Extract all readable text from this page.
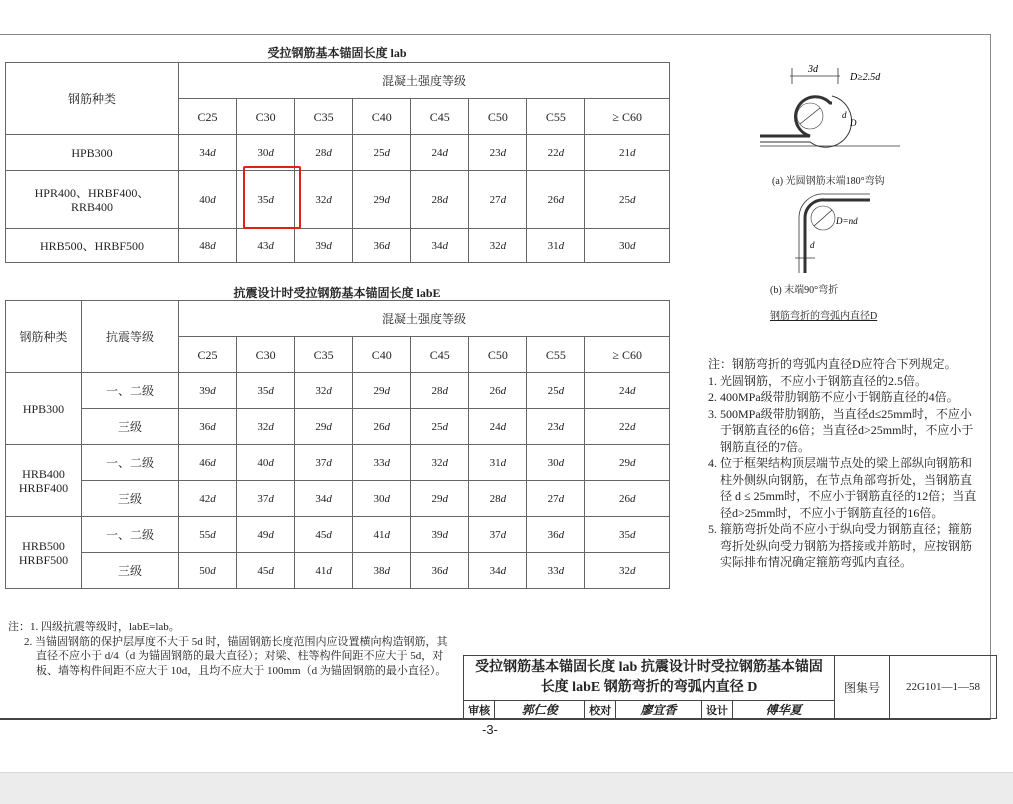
受拉钢筋基本锚固长度 lab
钢筋种类	混凝土强度等级							
	C25	C30	C35	C40	C45	C50	C55	≥ C60
HPB300	34d	30d	28d	25d	24d	23d	22d	21d
HPR400、HRBF400、
RRB400	40d	35d	32d	29d	28d	27d	26d	25d
HRB500、HRBF500	48d	43d	39d	36d	34d	32d	31d	30d
抗震设计时受拉钢筋基本锚固长度 labE
钢筋种类	抗震等级	混凝土强度等级							
		C25	C30	C35	C40	C45	C50	C55	≥ C60
HPB300	一、二级	39d	35d	32d	29d	28d	26d	25d	24d
	三级	36d	32d	29d	26d	25d	24d	23d	22d
HRB400
HRBF400	一、二级	46d	40d	37d	33d	32d	31d	30d	29d
	三级	42d	37d	34d	30d	29d	28d	27d	26d
HRB500
HRBF500	一、二级	55d	49d	45d	41d	39d	37d	36d	35d
	三级	50d	45d	41d	38d	36d	34d	33d	32d
3d
D≥2.5d
d
D
(a) 光圆钢筋末端180°弯钩
D=nd
d
(b) 末端90°弯折
钢筋弯折的弯弧内直径D
注：钢筋弯折的弯弧内直径D应符合下列规定。
1. 光圆钢筋，不应小于钢筋直径的2.5倍。
2. 400MPa级带肋钢筋不应小于钢筋直径的4倍。
3. 500MPa级带肋钢筋，当直径d≤25mm时，不应小于钢筋直径的6倍；当直径d>25mm时，不应小于钢筋直径的7倍。
4. 位于框架结构顶层端节点处的梁上部纵向钢筋和柱外侧纵向钢筋，在节点角部弯折处，当钢筋直径 d ≤ 25mm时，不应小于钢筋直径的12倍；当直径d>25mm时，不应小于钢筋直径的16倍。
5. 箍筋弯折处尚不应小于纵向受力钢筋直径；箍筋弯折处纵向受力钢筋为搭接或并筋时，应按钢筋实际排布情况确定箍筋弯弧内直径。
注：1. 四级抗震等级时，labE=lab。
2. 当锚固钢筋的保护层厚度不大于 5d 时，锚固钢筋长度范围内应设置横向构造钢筋，其直径不应小于 d/4（d 为锚固钢筋的最大直径）；对梁、柱等构件间距不应大于 5d，对板、墙等构件间距不应大于 10d，且均不应大于 100mm（d 为锚固钢筋的最小直径）。	受拉钢筋基本锚固长度 lab 抗震设计时受拉钢筋基本锚固
长度 labE 钢筋弯折的弯弧内直径 D						图集号	22G101—1—58
审核	郭仁俊	校对	廖宜香	设计	傅华夏		
-3-
